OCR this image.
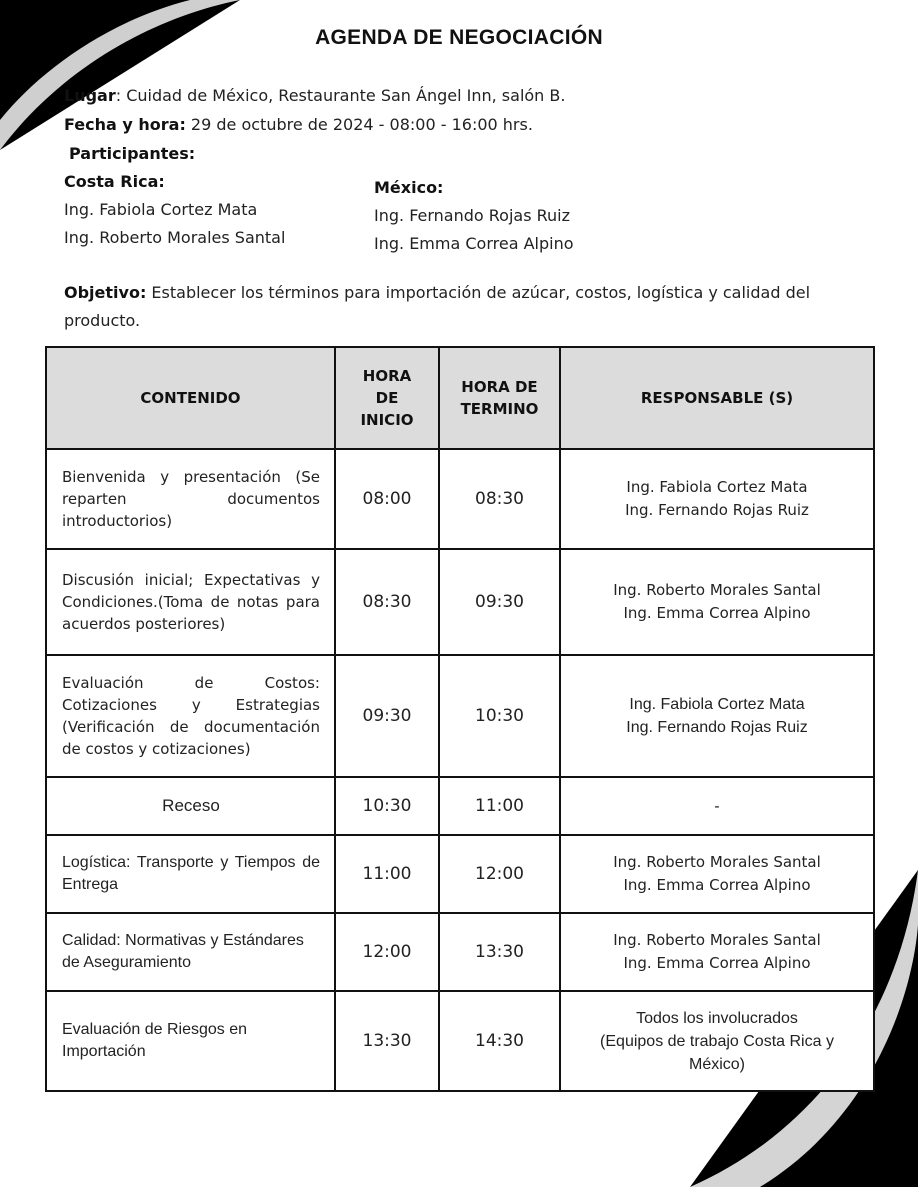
AGENDA DE NEGOCIACIÓN
Lugar: Cuidad de México, Restaurante San Ángel Inn, salón B.
Fecha y hora: 29 de octubre de 2024 - 08:00 - 16:00 hrs.
Participantes:
Costa Rica:
Ing. Fabiola Cortez Mata
Ing. Roberto Morales Santal
México:
Ing. Fernando Rojas Ruiz
Ing. Emma Correa Alpino
Objetivo: Establecer los términos para importación de azúcar, costos, logística y calidad del producto.
CONTENIDO	HORA DE INICIO	HORA DE TERMINO	RESPONSABLE (S)
Bienvenida y presentación (Se reparten documentos introductorios)	08:00	08:30	Ing. Fabiola Cortez Mata
Ing. Fernando Rojas Ruiz

Discusión inicial; Expectativas y Condiciones.(Toma de notas para acuerdos posteriores)	08:30	09:30	Ing. Roberto Morales Santal
Ing. Emma Correa Alpino

Evaluación de Costos: Cotizaciones y Estrategias (Verificación de documentación de costos y cotizaciones)	09:30	10:30	Ing. Fabiola Cortez Mata
Ing. Fernando Rojas Ruiz

Receso	10:30	11:00	-

Logística: Transporte y Tiempos de Entrega	11:00	12:00	Ing. Roberto Morales Santal
Ing. Emma Correa Alpino

Calidad: Normativas y Estándares de Aseguramiento	12:00	13:30	Ing. Roberto Morales Santal
Ing. Emma Correa Alpino

Evaluación de Riesgos en Importación	13:30	14:30	Todos los involucrados
(Equipos de trabajo Costa Rica y México)
